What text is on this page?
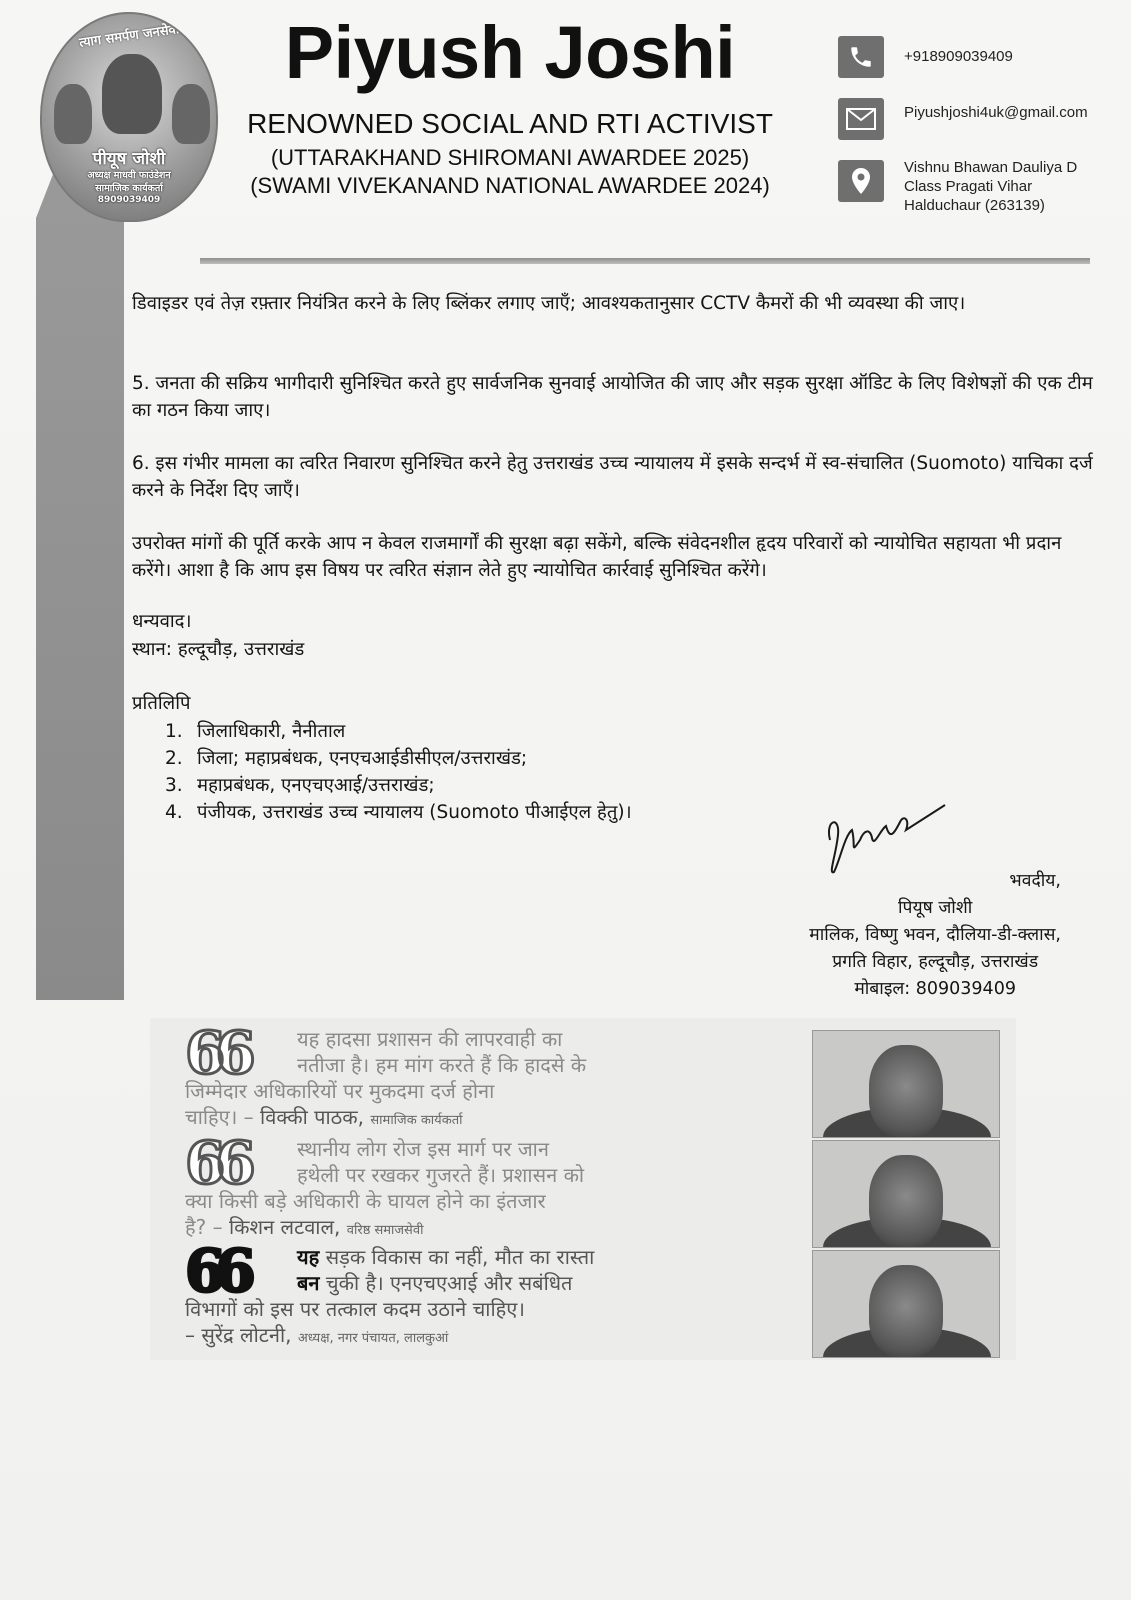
त्याग समर्पण जनसेवा
पीयूष जोशी
अध्यक्ष माधवी फाउंडेशन
सामाजिक कार्यकर्ता
8909039409
Piyush Joshi
RENOWNED SOCIAL AND RTI ACTIVIST
(UTTARAKHAND SHIROMANI AWARDEE 2025)
(SWAMI VIVEKANAND NATIONAL AWARDEE 2024)
+918909039409
Piyushjoshi4uk@gmail.com
Vishnu Bhawan Dauliya D
Class Pragati Vihar
Halduchaur (263139)
डिवाइडर एवं तेज़ रफ़्तार नियंत्रित करने के लिए ब्लिंकर लगाए जाएँ; आवश्यकतानुसार CCTV कैमरों की भी व्यवस्था की जाए।
5. जनता की सक्रिय भागीदारी सुनिश्चित करते हुए सार्वजनिक सुनवाई आयोजित की जाए और सड़क सुरक्षा ऑडिट के लिए विशेषज्ञों की एक टीम का गठन किया जाए।
6. इस गंभीर मामला का त्वरित निवारण सुनिश्चित करने हेतु उत्तराखंड उच्च न्यायालय में इसके सन्दर्भ में स्व-संचालित (Suomoto) याचिका दर्ज करने के निर्देश दिए जाएँ।
उपरोक्त मांगों की पूर्ति करके आप न केवल राजमार्गों की सुरक्षा बढ़ा सकेंगे, बल्कि संवेदनशील हृदय परिवारों को न्यायोचित सहायता भी प्रदान करेंगे। आशा है कि आप इस विषय पर त्वरित संज्ञान लेते हुए न्यायोचित कार्रवाई सुनिश्चित करेंगे।
धन्यवाद।
स्थान: हल्दूचौड़, उत्तराखंड
प्रतिलिपि
1. जिलाधिकारी, नैनीताल
2. जिला; महाप्रबंधक, एनएचआईडीसीएल/उत्तराखंड;
3. महाप्रबंधक, एनएचएआई/उत्तराखंड;
4. पंजीयक, उत्तराखंड उच्च न्यायालय (Suomoto पीआईएल हेतु)।
भवदीय,
पियूष जोशी
मालिक, विष्णु भवन, दौलिया-डी-क्लास,
प्रगति विहार, हल्दूचौड़, उत्तराखंड
मोबाइल: 809039409
66	यह हादसा प्रशासन की लापरवाही का
नतीजा है। हम मांग करते हैं कि हादसे के
जिम्मेदार अधिकारियों पर मुकदमा दर्ज होना
चाहिए। – विक्की पाठक, सामाजिक कार्यकर्ता
66	स्थानीय लोग रोज इस मार्ग पर जान
हथेली पर रखकर गुजरते हैं। प्रशासन को
क्या किसी बड़े अधिकारी के घायल होने का इंतजार
है? – किशन लटवाल, वरिष्ठ समाजसेवी
66	यह सड़क विकास का नहीं, मौत का रास्ता
बन चुकी है। एनएचएआई और सबंधित
विभागों को इस पर तत्काल कदम उठाने चाहिए।
– सुरेंद्र लोटनी, अध्यक्ष, नगर पंचायत, लालकुआं
